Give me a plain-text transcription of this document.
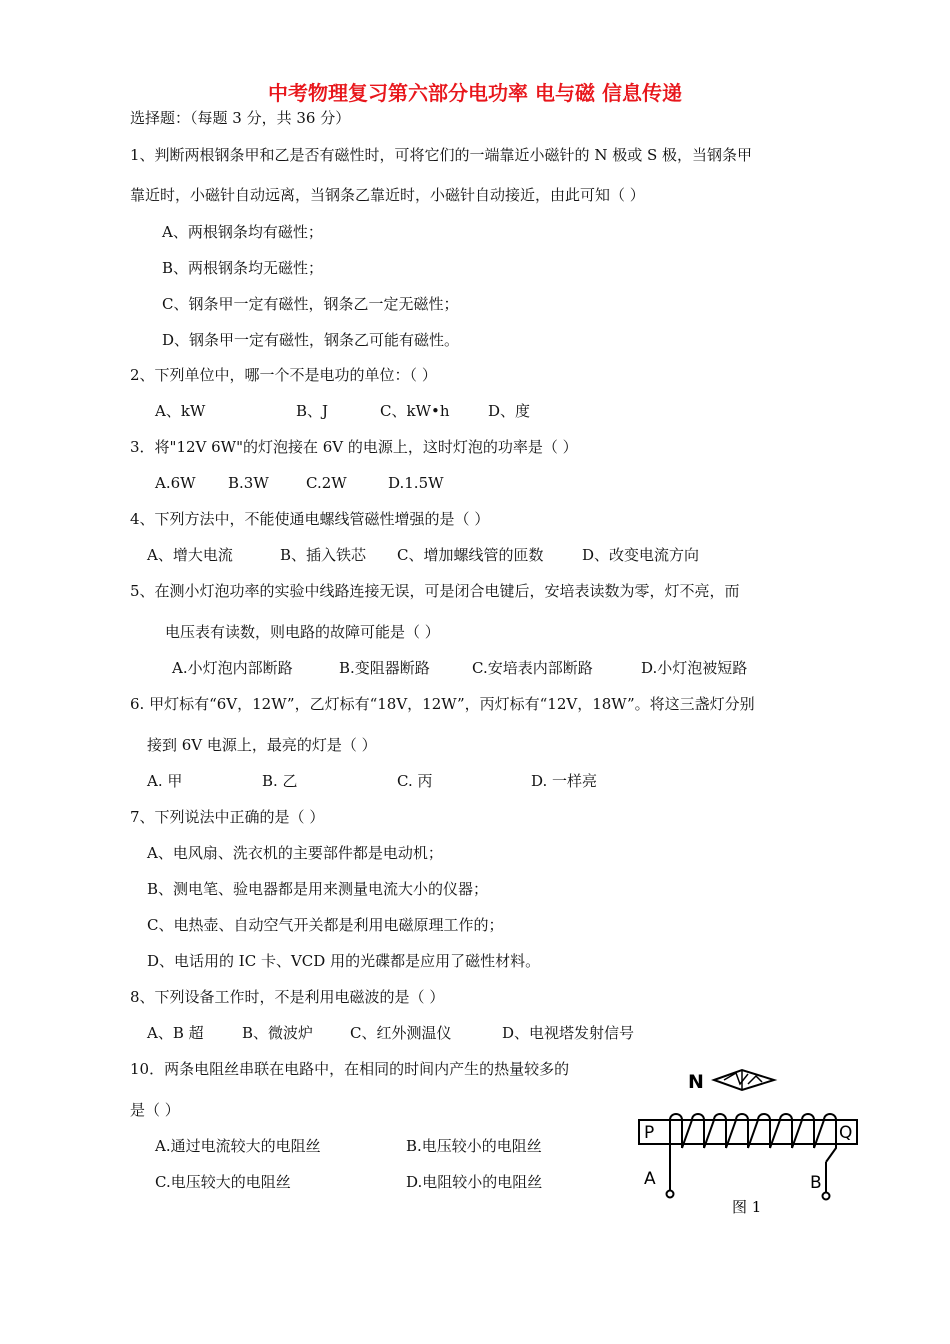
中考物理复习第六部分电功率 电与磁 信息传递
选择题：（每题 3 分，共 36 分）
1、判断两根钢条甲和乙是否有磁性时，可将它们的一端靠近小磁针的 N 极或 S 极，当钢条甲
靠近时，小磁针自动远离，当钢条乙靠近时，小磁针自动接近，由此可知（ ）
A、两根钢条均有磁性；
B、两根钢条均无磁性；
C、钢条甲一定有磁性，钢条乙一定无磁性；
D、钢条甲一定有磁性，钢条乙可能有磁性。
2、下列单位中，哪一个不是电功的单位：（ ）
A、kW	B、J	C、kW•h	D、度
3．将"12V 6W"的灯泡接在 6V 的电源上，这时灯泡的功率是（ ）
A.6W B.3W C.2W	D.1.5W
4、下列方法中，不能使通电螺线管磁性增强的是（ ）
A、增大电流	B、插入铁芯 C、增加螺线管的匝数	D、改变电流方向
5、在测小灯泡功率的实验中线路连接无误，可是闭合电键后，安培表读数为零，灯不亮，而
电压表有读数，则电路的故障可能是（ ）
A.小灯泡内部断路	B.变阻器断路	C.安培表内部断路	D.小灯泡被短路
6. 甲灯标有“6V，12W”，乙灯标有“18V，12W”，丙灯标有“12V，18W”。将这三盏灯分别
接到 6V 电源上，最亮的灯是（ ）
A. 甲	B. 乙	C. 丙	D. 一样亮
7、下列说法中正确的是（ ）
A、电风扇、洗衣机的主要部件都是电动机；
B、测电笔、验电器都是用来测量电流大小的仪器；
C、电热壶、自动空气开关都是利用电磁原理工作的；
D、电话用的 IC 卡、VCD 用的光碟都是应用了磁性材料。
8、下列设备工作时，不是利用电磁波的是（ ）
A、B 超	B、微波炉 C、红外测温仪	D、电视塔发射信号
10．两条电阻丝串联在电路中，在相同的时间内产生的热量较多的
是（ ）
A.通过电流较大的电阻丝	B.电压较小的电阻丝
C.电压较大的电阻丝	D.电阻较小的电阻丝
N
P	Q
A	B
图 1
